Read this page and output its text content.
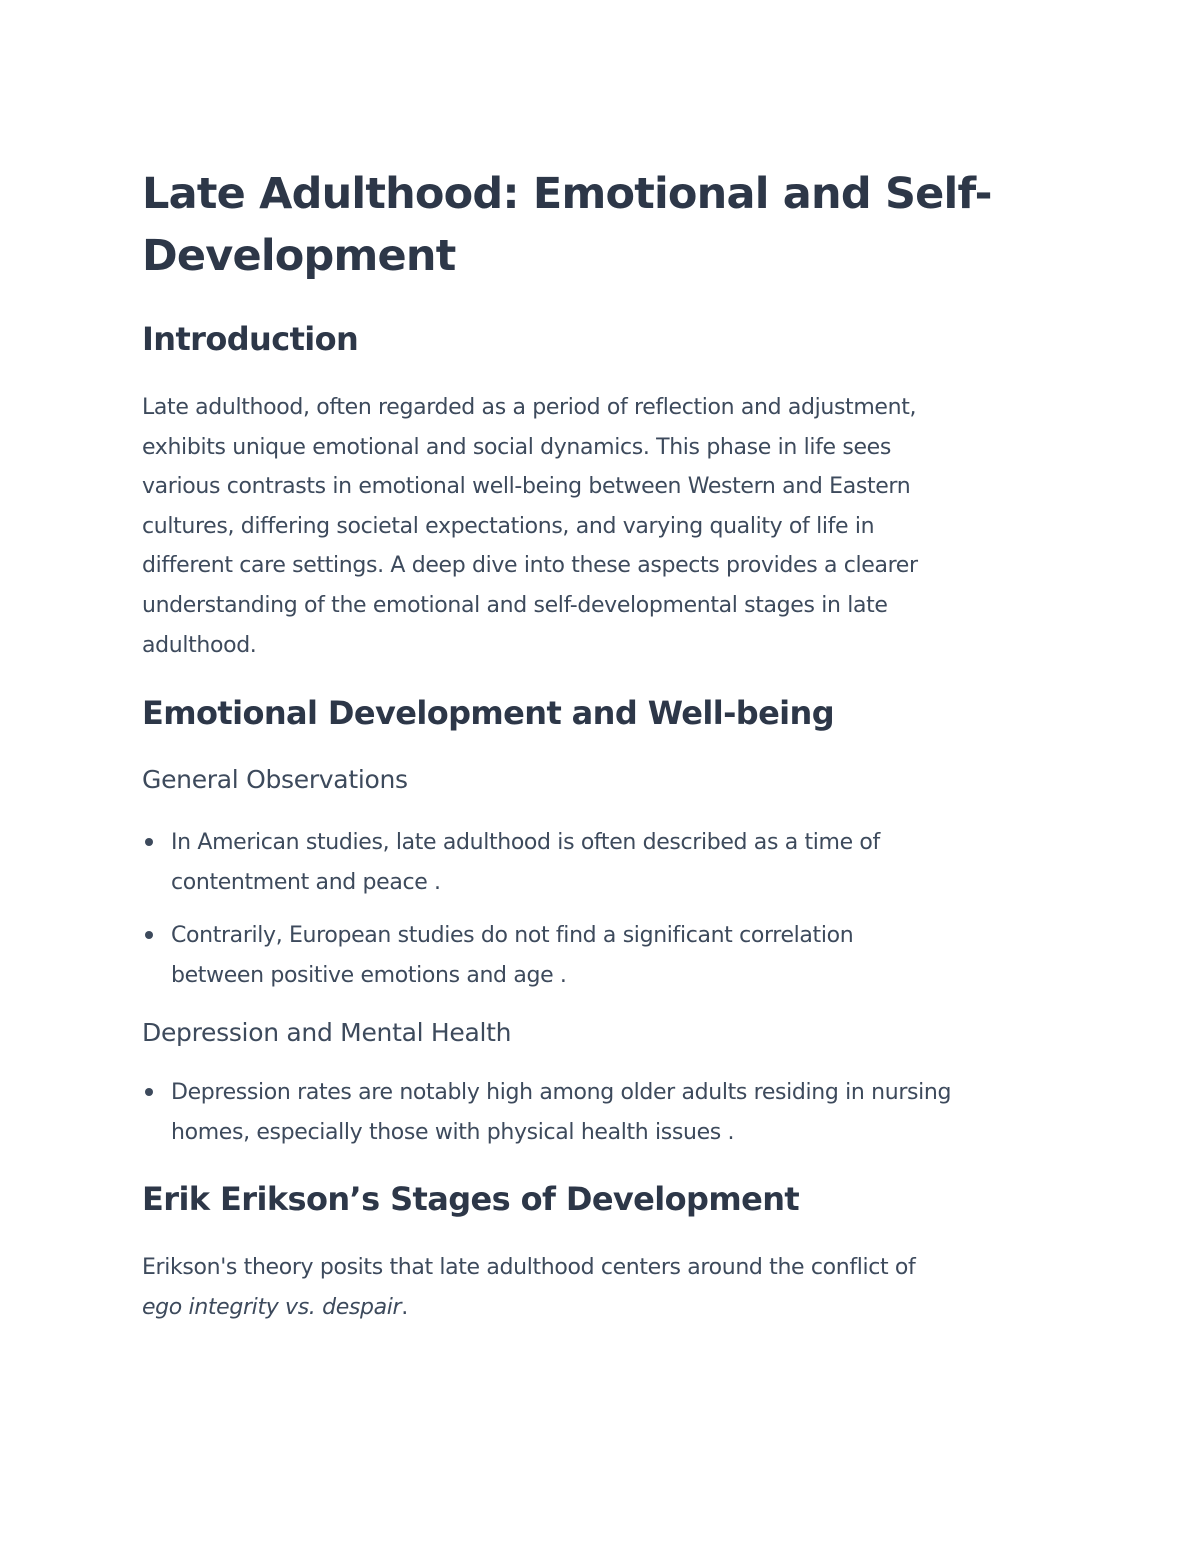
Late Adulthood: Emotional and Self-
Development
Introduction

Late adulthood, often regarded as a period of reflection and adjustment,
exhibits unique emotional and social dynamics. This phase in life sees
various contrasts in emotional well-being between Western and Eastern
cultures, differing societal expectations, and varying quality of life in
different care settings. A deep dive into these aspects provides a clearer
understanding of the emotional and self-developmental stages in late
adulthood.

Emotional Development and Well-being
General Observations
In American studies, late adulthood is often described as a time of
contentment and peace .
Contrarily, European studies do not find a significant correlation
between positive emotions and age .
Depression and Mental Health
Depression rates are notably high among older adults residing in nursing
homes, especially those with physical health issues .
Erik Erikson’s Stages of Development

Erikson's theory posits that late adulthood centers around the conflict of
ego integrity vs. despair.
